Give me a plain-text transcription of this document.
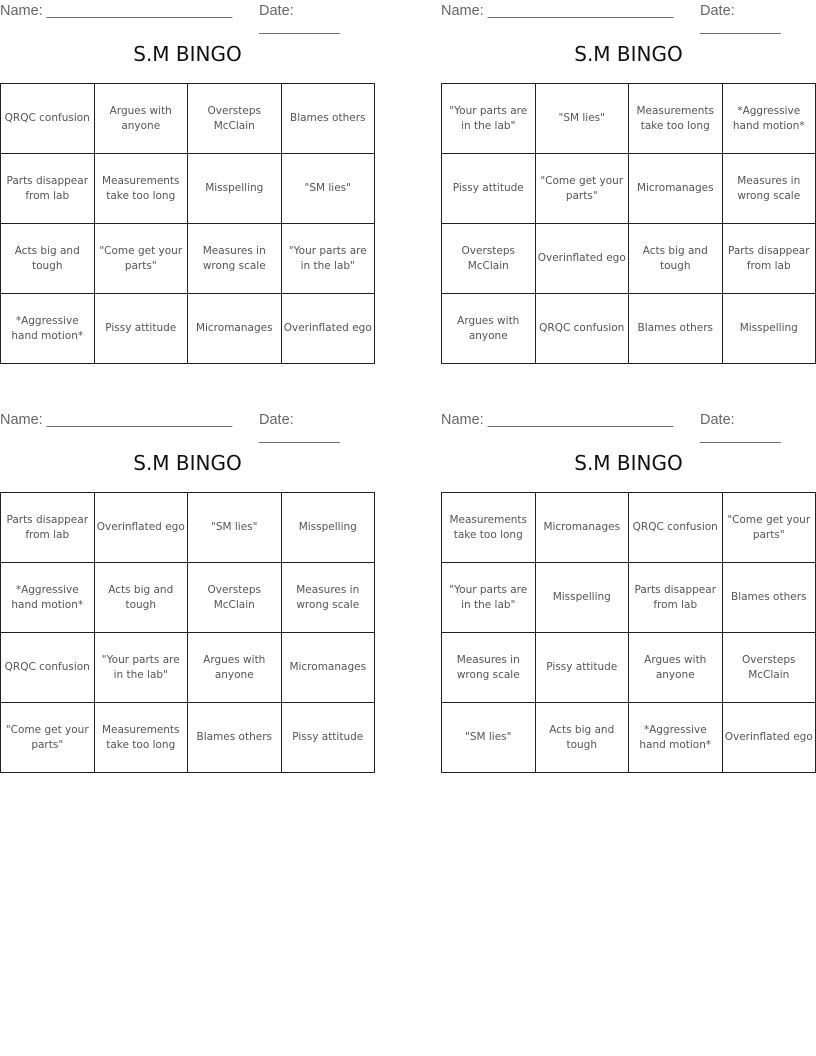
Name: _______________________ Date: __________
S.M BINGO
QRQC confusion	Argues with anyone	Oversteps McClain	Blames others
Parts disappear from lab	Measurements take too long	Misspelling	"SM lies"
Acts big and tough	"Come get your parts"	Measures in wrong scale	"Your parts are in the lab"
*Aggressive hand motion*	Pissy attitude	Micromanages	Overinflated ego
Name: _______________________ Date: __________
S.M BINGO
"Your parts are in the lab"	"SM lies"	Measurements take too long	*Aggressive hand motion*
Pissy attitude	"Come get your parts"	Micromanages	Measures in wrong scale
Oversteps McClain	Overinflated ego	Acts big and tough	Parts disappear from lab
Argues with anyone	QRQC confusion	Blames others	Misspelling
Name: _______________________ Date: __________
S.M BINGO
Parts disappear from lab	Overinflated ego	"SM lies"	Misspelling
*Aggressive hand motion*	Acts big and tough	Oversteps McClain	Measures in wrong scale
QRQC confusion	"Your parts are in the lab"	Argues with anyone	Micromanages
"Come get your parts"	Measurements take too long	Blames others	Pissy attitude
Name: _______________________ Date: __________
S.M BINGO
Measurements take too long	Micromanages	QRQC confusion	"Come get your parts"
"Your parts are in the lab"	Misspelling	Parts disappear from lab	Blames others
Measures in wrong scale	Pissy attitude	Argues with anyone	Oversteps McClain
"SM lies"	Acts big and tough	*Aggressive hand motion*	Overinflated ego
